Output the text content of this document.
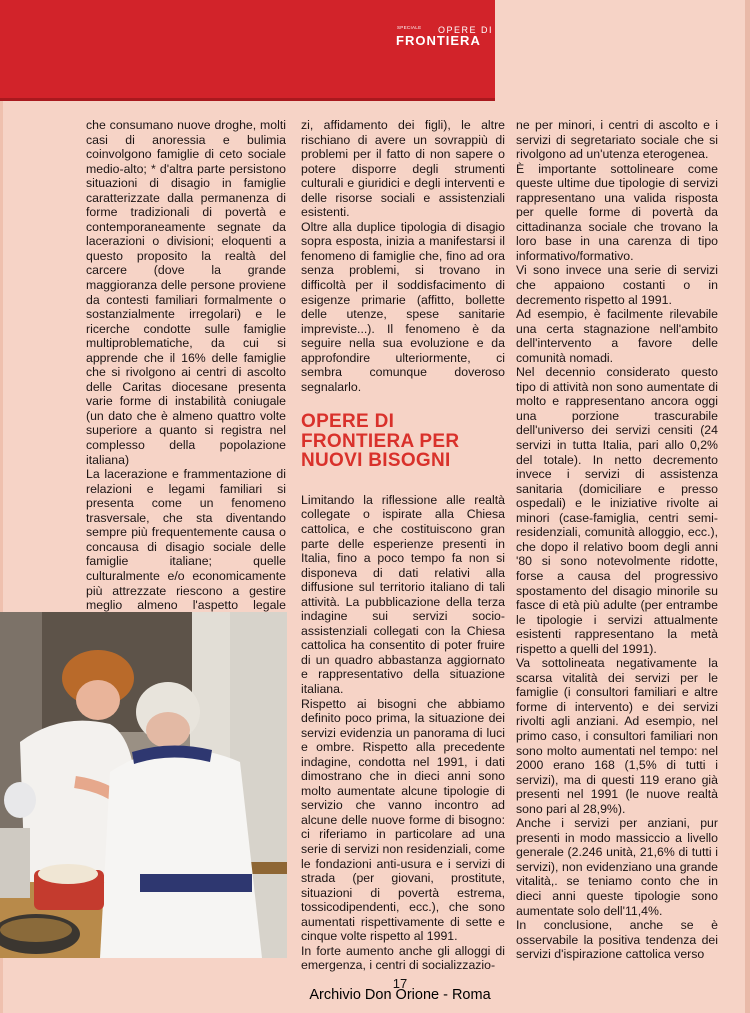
SPECIALE OPERE DI
FRONTIERA

che consumano nuove droghe, molti casi di anoressia e bulimia coinvolgono famiglie di ceto sociale medio-alto; * d'altra parte persistono situazioni di disagio in famiglie caratterizzate dalla permanenza di forme tradizionali di povertà e contemporaneamente segnate da lacerazioni o divisioni; eloquenti a questo proposito la realtà del carcere (dove la grande maggioranza delle persone proviene da contesti familiari formalmente o sostanzialmente irregolari) e le ricerche condotte sulle famiglie multiproblematiche, da cui si apprende che il 16% delle famiglie che si rivolgono ai centri di ascolto delle Caritas diocesane presenta varie forme di instabilità coniugale (un dato che è almeno quattro volte superiore a quanto si registra nel complesso della popolazione italiana)

La lacerazione e frammentazione di relazioni e legami familiari si presenta come un fenomeno trasversale, che sta diventando sempre più frequentemente causa o concausa di disagio sociale delle famiglie italiane; quelle culturalmente e/o economicamente più attrezzate riescono a gestire meglio almeno l'aspetto legale

zi, affidamento dei figli), le altre rischiano di avere un sovrappiù di problemi per il fatto di non sapere o potere disporre degli strumenti culturali e giuridici e degli interventi e delle risorse sociali e assistenziali esistenti.

Oltre alla duplice tipologia di disagio sopra esposta, inizia a manifestarsi il fenomeno di famiglie che, fino ad ora senza problemi, si trovano in difficoltà per il soddisfacimento di esigenze primarie (affitto, bollette delle utenze, spese sanitarie impreviste...). Il fenomeno è da seguire nella sua evoluzione e da approfondire ulteriormente, ci sembra comunque doveroso segnalarlo.

OPERE DI FRONTIERA PER NUOVI BISOGNI

Limitando la riflessione alle realtà collegate o ispirate alla Chiesa cattolica, e che costituiscono gran parte delle esperienze presenti in Italia, fino a poco tempo fa non si disponeva di dati relativi alla diffusione sul territorio italiano di tali attività. La pubblicazione della terza indagine sui servizi socio-assistenziali collegati con la Chiesa cattolica ha consentito di poter fruire di un quadro abbastanza aggiornato e rappresentativo della situazione italiana.

Rispetto ai bisogni che abbiamo definito poco prima, la situazione dei servizi evidenzia un panorama di luci e ombre. Rispetto alla precedente indagine, condotta nel 1991, i dati dimostrano che in dieci anni sono molto aumentate alcune tipologie di servizio che vanno incontro ad alcune delle nuove forme di bisogno: ci riferiamo in particolare ad una serie di servizi non residenziali, come le fondazioni anti-usura e i servizi di strada (per giovani, prostitute, situazioni di povertà estrema, tossicodipendenti, ecc.), che sono aumentati rispettivamente di sette e cinque volte rispetto al 1991.

In forte aumento anche gli alloggi di emergenza, i centri di socializzazio-

ne per minori, i centri di ascolto e i servizi di segretariato sociale che si rivolgono ad un'utenza eterogenea.

È importante sottolineare come queste ultime due tipologie di servizi rappresentano una valida risposta per quelle forme di povertà da cittadinanza sociale che trovano la loro base in una carenza di tipo informativo/formativo.

Vi sono invece una serie di servizi che appaiono costanti o in decremento rispetto al 1991.

Ad esempio, è facilmente rilevabile una certa stagnazione nell'ambito dell'intervento a favore delle comunità nomadi.

Nel decennio considerato questo tipo di attività non sono aumentate di molto e rappresentano ancora oggi una porzione trascurabile dell'universo dei servizi censiti (24 servizi in tutta Italia, pari allo 0,2% del totale). In netto decremento invece i servizi di assistenza sanitaria (domiciliare e presso ospedali) e le iniziative rivolte ai minori (case-famiglia, centri semi-residenziali, comunità alloggio, ecc.), che dopo il relativo boom degli anni '80 si sono notevolmente ridotte, forse a causa del progressivo spostamento del disagio minorile su fasce di età più adulte (per entrambe le tipologie i servizi attualmente esistenti rappresentano la metà rispetto a quelli del 1991).

Va sottolineata negativamente la scarsa vitalità dei servizi per le famiglie (i consultori familiari e altre forme di intervento) e dei servizi rivolti agli anziani. Ad esempio, nel primo caso, i consultori familiari non sono molto aumentati nel tempo: nel 2000 erano 168 (1,5% di tutti i servizi), ma di questi 119 erano già presenti nel 1991 (le nuove realtà sono pari al 28,9%).

Anche i servizi per anziani, pur presenti in modo massiccio a livello generale (2.246 unità, 21,6% di tutti i servizi), non evidenziano una grande vitalità,. se teniamo conto che in dieci anni queste tipologie sono aumentate solo dell'11,4%.

In conclusione, anche se è osservabile la positiva tendenza dei servizi d'ispirazione cattolica verso

17
Archivio Don Orione - Roma
